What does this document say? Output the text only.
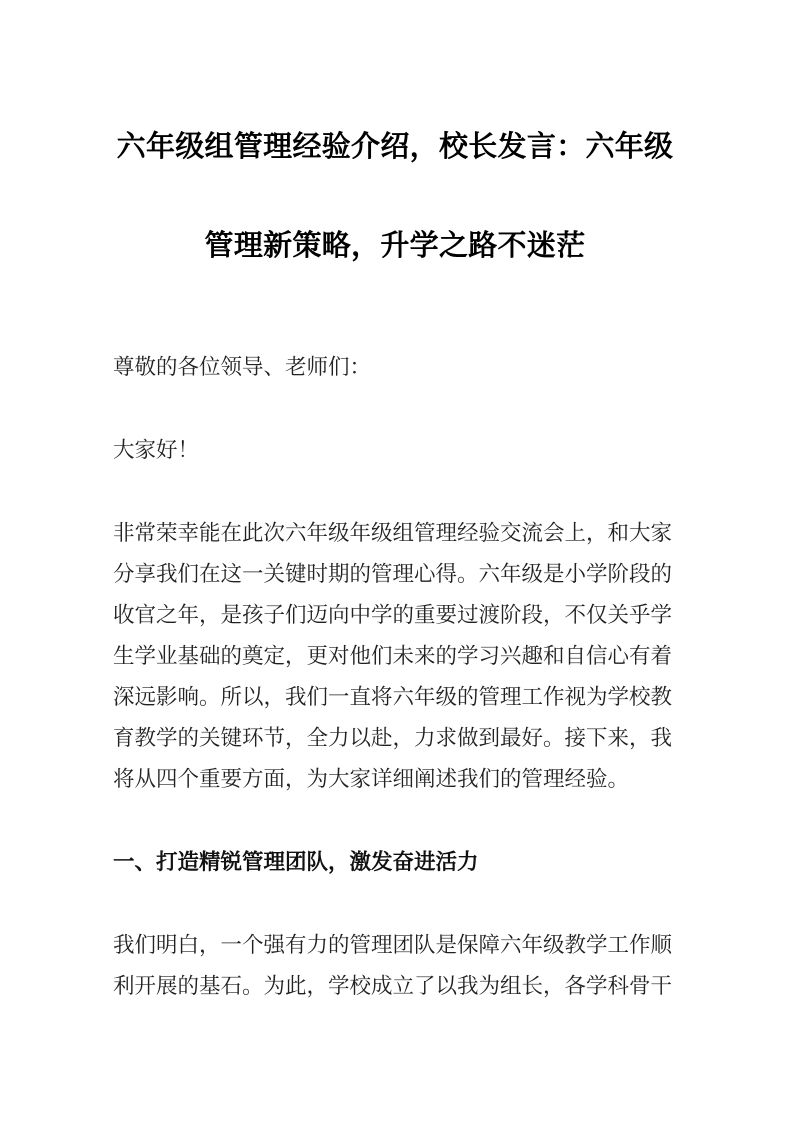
六年级组管理经验介绍，校长发言：六年级
管理新策略，升学之路不迷茫

尊敬的各位领导、老师们：

大家好！

非常荣幸能在此次六年级年级组管理经验交流会上，和大家
分享我们在这一关键时期的管理心得。六年级是小学阶段的
收官之年，是孩子们迈向中学的重要过渡阶段，不仅关乎学
生学业基础的奠定，更对他们未来的学习兴趣和自信心有着
深远影响。所以，我们一直将六年级的管理工作视为学校教
育教学的关键环节，全力以赴，力求做到最好。接下来，我
将从四个重要方面，为大家详细阐述我们的管理经验。

一、打造精锐管理团队，激发奋进活力

我们明白，一个强有力的管理团队是保障六年级教学工作顺
利开展的基石。为此，学校成立了以我为组长，各学科骨干
